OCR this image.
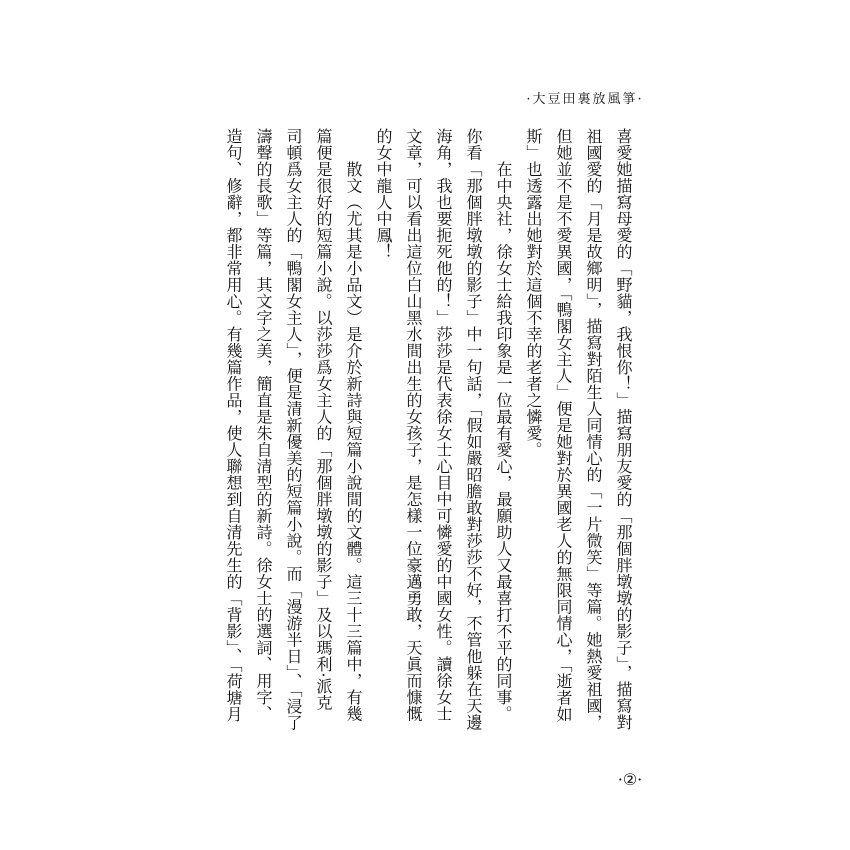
·大豆田裏放風箏·
喜愛她描寫母愛的「野貓，我恨你！」描寫朋友愛的「那個胖墩墩的影子」，描寫對
祖國愛的「月是故鄉明」，描寫對陌生人同情心的「一片微笑」等篇。她熱愛祖國，
但她並不是不愛異國，「鴨閣女主人」便是她對於異國老人的無限同情心，「逝者如
斯」也透露出她對於這個不幸的老者之憐愛。
在中央社，徐女士給我印象是一位最有愛心，最願助人又最喜打不平的同事。
你看「那個胖墩墩的影子」中一句話，「假如嚴昭膽敢對莎莎不好，不管他躲在天邊
海角，我也要扼死他的！」莎莎是代表徐女士心目中可憐愛的中國女性。讀徐女士
文章，可以看出這位白山黑水間出生的女孩子，是怎樣一位豪邁勇敢，天眞而慷慨
的女中龍人中鳳！
散文（尤其是小品文）是介於新詩與短篇小說間的文體。這三十三篇中，有幾
篇便是很好的短篇小說。以莎莎爲女主人的「那個胖墩墩的影子」及以瑪利·派克
司頓爲女主人的「鴨閣女主人」，便是清新優美的短篇小說。而「漫游半日」、「浸了
濤聲的長歌」等篇，其文字之美，簡直是朱自清型的新詩。徐女士的選詞、用字、
造句、修辭，都非常用心。有幾篇作品，使人聯想到自清先生的「背影」、「荷塘月
·②·
